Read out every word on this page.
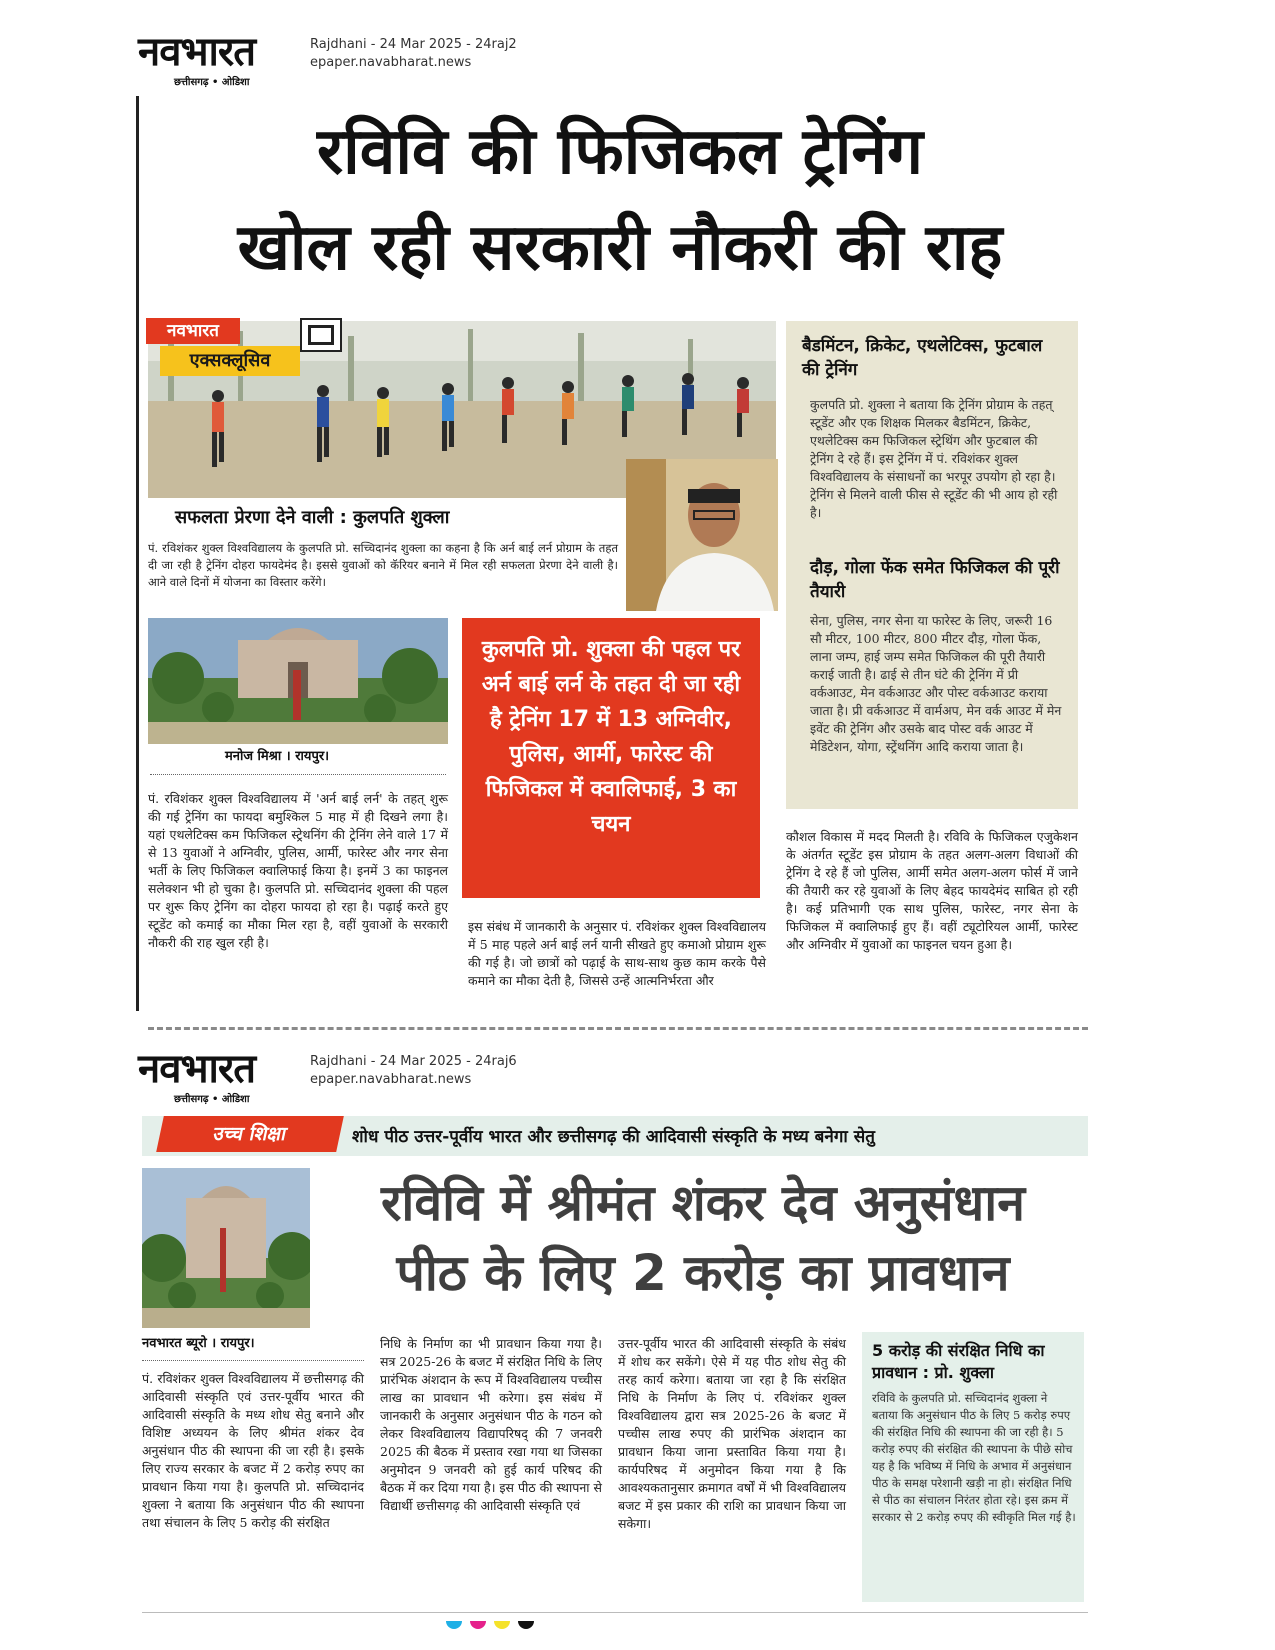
नवभारत
छत्तीसगढ़ • ओडिशा
Rajdhani - 24 Mar 2025 - 24raj2
epaper.navabharat.news
रविवि की फिजिकल ट्रेनिंग
खोल रही सरकारी नौकरी की राह
नवभारत
एक्सक्लूसिव
सफलता प्रेरणा देने वाली : कुलपति शुक्ला
पं. रविशंकर शुक्ल विश्वविद्यालय के कुलपति प्रो. सच्चिदानंद शुक्ला का कहना है कि अर्न बाई लर्न प्रोग्राम के तहत दी जा रही है ट्रेनिंग दोहरा फायदेमंद है। इससे युवाओं को कॅरियर बनाने में मिल रही सफलता प्रेरणा देने वाली है। आने वाले दिनों में योजना का विस्तार करेंगे।
मनोज मिश्रा । रायपुर।
पं. रविशंकर शुक्ल विश्वविद्यालय में 'अर्न बाई लर्न' के तहत् शुरू की गई ट्रेनिंग का फायदा बमुश्किल 5 माह में ही दिखने लगा है। यहां एथलेटिक्स कम फिजिकल स्ट्रेथनिंग की ट्रेनिंग लेने वाले 17 में से 13 युवाओं ने अग्निवीर, पुलिस, आर्मी, फारेस्ट और नगर सेना भर्ती के लिए फिजिकल क्वालिफाई किया है। इनमें 3 का फाइनल सलेक्शन भी हो चुका है। कुलपति प्रो. सच्चिदानंद शुक्ला की पहल पर शुरू किए ट्रेनिंग का दोहरा फायदा हो रहा है। पढ़ाई करते हुए स्टूडेंट को कमाई का मौका मिल रहा है, वहीं युवाओं के सरकारी नौकरी की राह खुल रही है।
कुलपति प्रो. शुक्ला की पहल पर अर्न बाई लर्न के तहत दी जा रही है ट्रेनिंग 17 में 13 अग्निवीर, पुलिस, आर्मी, फारेस्ट की फिजिकल में क्वालिफाई, 3 का चयन
इस संबंध में जानकारी के अनुसार पं. रविशंकर शुक्ल विश्वविद्यालय में 5 माह पहले अर्न बाई लर्न यानी सीखते हुए कमाओ प्रोग्राम शुरू की गई है। जो छात्रों को पढ़ाई के साथ-साथ कुछ काम करके पैसे कमाने का मौका देती है, जिससे उन्हें आत्मनिर्भरता और
बैडमिंटन, क्रिकेट, एथलेटिक्स, फुटबाल की ट्रेनिंग
कुलपति प्रो. शुक्ला ने बताया कि ट्रेनिंग प्रोग्राम के तहत् स्टूडेंट और एक शिक्षक मिलकर बैडमिंटन, क्रिकेट, एथलेटिक्स कम फिजिकल स्ट्रेथिंग और फुटबाल की ट्रेनिंग दे रहे हैं। इस ट्रेनिंग में पं. रविशंकर शुक्ल विश्वविद्यालय के संसाधनों का भरपूर उपयोग हो रहा है। ट्रेनिंग से मिलने वाली फीस से स्टूडेंट की भी आय हो रही है।
दौड़, गोला फेंक समेत फिजिकल की पूरी तैयारी
सेना, पुलिस, नगर सेना या फारेस्ट के लिए, जरूरी 16 सौ मीटर, 100 मीटर, 800 मीटर दौड़, गोला फेंक, लाना जम्प, हाई जम्प समेत फिजिकल की पूरी तैयारी कराई जाती है। ढाई से तीन घंटे की ट्रेनिंग में प्री वर्कआउट, मेन वर्कआउट और पोस्ट वर्कआउट कराया जाता है। प्री वर्कआउट में वार्मअप, मेन वर्क आउट में मेन इवेंट की ट्रेनिंग और उसके बाद पोस्ट वर्क आउट में मेडिटेशन, योगा, स्ट्रेंथनिंग आदि कराया जाता है।
कौशल विकास में मदद मिलती है। रविवि के फिजिकल एजुकेशन के अंतर्गत स्टूडेंट इस प्रोग्राम के तहत अलग-अलग विधाओं की ट्रेनिंग दे रहे हैं जो पुलिस, आर्मी समेत अलग-अलग फोर्स में जाने की तैयारी कर रहे युवाओं के लिए बेहद फायदेमंद साबित हो रही है। कई प्रतिभागी एक साथ पुलिस, फारेस्ट, नगर सेना के फिजिकल में क्वालिफाई हुए हैं। वहीं ट्यूटोरियल आर्मी, फारेस्ट और अग्निवीर में युवाओं का फाइनल चयन हुआ है।
नवभारत
छत्तीसगढ़ • ओडिशा
Rajdhani - 24 Mar 2025 - 24raj6
epaper.navabharat.news
उच्च शिक्षा	शोध पीठ उत्तर-पूर्वीय भारत और छत्तीसगढ़ की आदिवासी संस्कृति के मध्य बनेगा सेतु
रविवि में श्रीमंत शंकर देव अनुसंधान
पीठ के लिए 2 करोड़ का प्रावधान
नवभारत ब्यूरो । रायपुर।
पं. रविशंकर शुक्ल विश्वविद्यालय में छत्तीसगढ़ की आदिवासी संस्कृति एवं उत्तर-पूर्वीय भारत की आदिवासी संस्कृति के मध्य शोध सेतु बनाने और विशिष्ट अध्ययन के लिए श्रीमंत शंकर देव अनुसंधान पीठ की स्थापना की जा रही है। इसके लिए राज्य सरकार के बजट में 2 करोड़ रुपए का प्रावधान किया गया है। कुलपति प्रो. सच्चिदानंद शुक्ला ने बताया कि अनुसंधान पीठ की स्थापना तथा संचालन के लिए 5 करोड़ की संरक्षित
निधि के निर्माण का भी प्रावधान किया गया है। सत्र 2025-26 के बजट में संरक्षित निधि के लिए प्रारंभिक अंशदान के रूप में विश्वविद्यालय पच्चीस लाख का प्रावधान भी करेगा। इस संबंध में जानकारी के अनुसार अनुसंधान पीठ के गठन को लेकर विश्वविद्यालय विद्यापरिषद् की 7 जनवरी 2025 की बैठक में प्रस्ताव रखा गया था जिसका अनुमोदन 9 जनवरी को हुई कार्य परिषद की बैठक में कर दिया गया है। इस पीठ की स्थापना से विद्यार्थी छत्तीसगढ़ की आदिवासी संस्कृति एवं
उत्तर-पूर्वीय भारत की आदिवासी संस्कृति के संबंध में शोध कर सकेंगे। ऐसे में यह पीठ शोध सेतु की तरह कार्य करेगा। बताया जा रहा है कि संरक्षित निधि के निर्माण के लिए पं. रविशंकर शुक्ल विश्वविद्यालय द्वारा सत्र 2025-26 के बजट में पच्चीस लाख रुपए की प्रारंभिक अंशदान का प्रावधान किया जाना प्रस्तावित किया गया है। कार्यपरिषद में अनुमोदन किया गया है कि आवश्यकतानुसार क्रमागत वर्षों में भी विश्वविद्यालय बजट में इस प्रकार की राशि का प्रावधान किया जा सकेगा।
5 करोड़ की संरक्षित निधि का प्रावधान : प्रो. शुक्ला
रविवि के कुलपति प्रो. सच्चिदानंद शुक्ला ने बताया कि अनुसंधान पीठ के लिए 5 करोड़ रुपए की संरक्षित निधि की स्थापना की जा रही है। 5 करोड़ रुपए की संरक्षित की स्थापना के पीछे सोच यह है कि भविष्य में निधि के अभाव में अनुसंधान पीठ के समक्ष परेशानी खड़ी ना हो। संरक्षित निधि से पीठ का संचालन निरंतर होता रहे। इस क्रम में सरकार से 2 करोड़ रुपए की स्वीकृति मिल गई है।
